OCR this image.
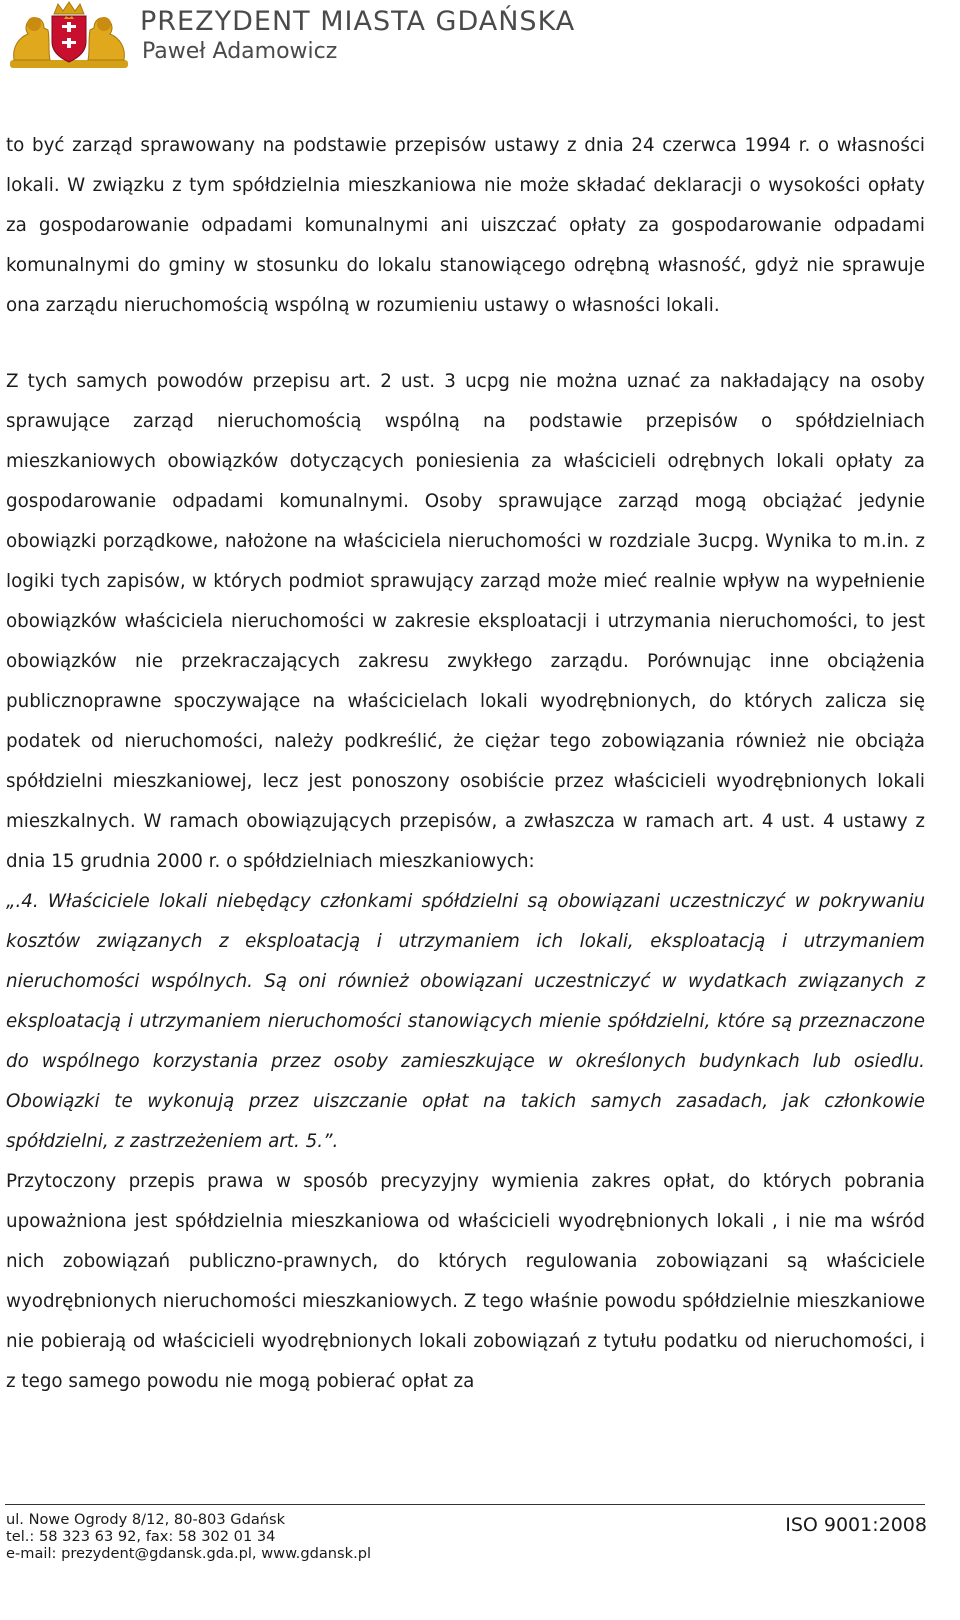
PREZYDENT MIASTA GDAŃSKA
Paweł Adamowicz

to być zarząd sprawowany na podstawie przepisów ustawy z dnia 24 czerwca 1994 r. o własności lokali. W związku z tym spółdzielnia mieszkaniowa nie może składać deklaracji o wysokości opłaty za gospodarowanie odpadami komunalnymi ani uiszczać opłaty za gospodarowanie odpadami komunalnymi do gminy w stosunku do lokalu stanowiącego odrębną własność, gdyż nie sprawuje ona zarządu nieruchomością wspólną w rozumieniu ustawy o własności lokali.

Z tych samych powodów przepisu art. 2 ust. 3 ucpg nie można uznać za nakładający na osoby sprawujące zarząd nieruchomością wspólną na podstawie przepisów o spółdzielniach mieszkaniowych obowiązków dotyczących poniesienia za właścicieli odrębnych lokali opłaty za gospodarowanie odpadami komunalnymi. Osoby sprawujące zarząd mogą obciążać jedynie obowiązki porządkowe, nałożone na właściciela nieruchomości w rozdziale 3ucpg. Wynika to m.in. z logiki tych zapisów, w których podmiot sprawujący zarząd może mieć realnie wpływ na wypełnienie obowiązków właściciela nieruchomości w zakresie eksploatacji i utrzymania nieruchomości, to jest obowiązków nie przekraczających zakresu zwykłego zarządu. Porównując inne obciążenia publicznoprawne spoczywające na właścicielach lokali wyodrębnionych, do których zalicza się podatek od nieruchomości, należy podkreślić, że ciężar tego zobowiązania również nie obciąża spółdzielni mieszkaniowej, lecz jest ponoszony osobiście przez właścicieli wyodrębnionych lokali mieszkalnych. W ramach obowiązujących przepisów, a zwłaszcza w ramach art. 4 ust. 4 ustawy z dnia 15 grudnia 2000 r. o spółdzielniach mieszkaniowych:

„.4. Właściciele lokali niebędący członkami spółdzielni są obowiązani uczestniczyć w pokrywaniu kosztów związanych z eksploatacją i utrzymaniem ich lokali, eksploatacją i utrzymaniem nieruchomości wspólnych. Są oni również obowiązani uczestniczyć w wydatkach związanych z eksploatacją i utrzymaniem nieruchomości stanowiących mienie spółdzielni, które są przeznaczone do wspólnego korzystania przez osoby zamieszkujące w określonych budynkach lub osiedlu. Obowiązki te wykonują przez uiszczanie opłat na takich samych zasadach, jak członkowie spółdzielni, z zastrzeżeniem art. 5.”.

Przytoczony przepis prawa w sposób precyzyjny wymienia zakres opłat, do których pobrania upoważniona jest spółdzielnia mieszkaniowa od właścicieli wyodrębnionych lokali , i nie ma wśród nich zobowiązań publiczno-prawnych, do których regulowania zobowiązani są właściciele wyodrębnionych nieruchomości mieszkaniowych. Z tego właśnie powodu spółdzielnie mieszkaniowe nie pobierają od właścicieli wyodrębnionych lokali zobowiązań z tytułu podatku od nieruchomości, i z tego samego powodu nie mogą pobierać opłat za

ul. Nowe Ogrody 8/12, 80-803 Gdańsk
tel.: 58 323 63 92, fax: 58 302 01 34
e-mail: prezydent@gdansk.gda.pl, www.gdansk.pl
ISO 9001:2008
